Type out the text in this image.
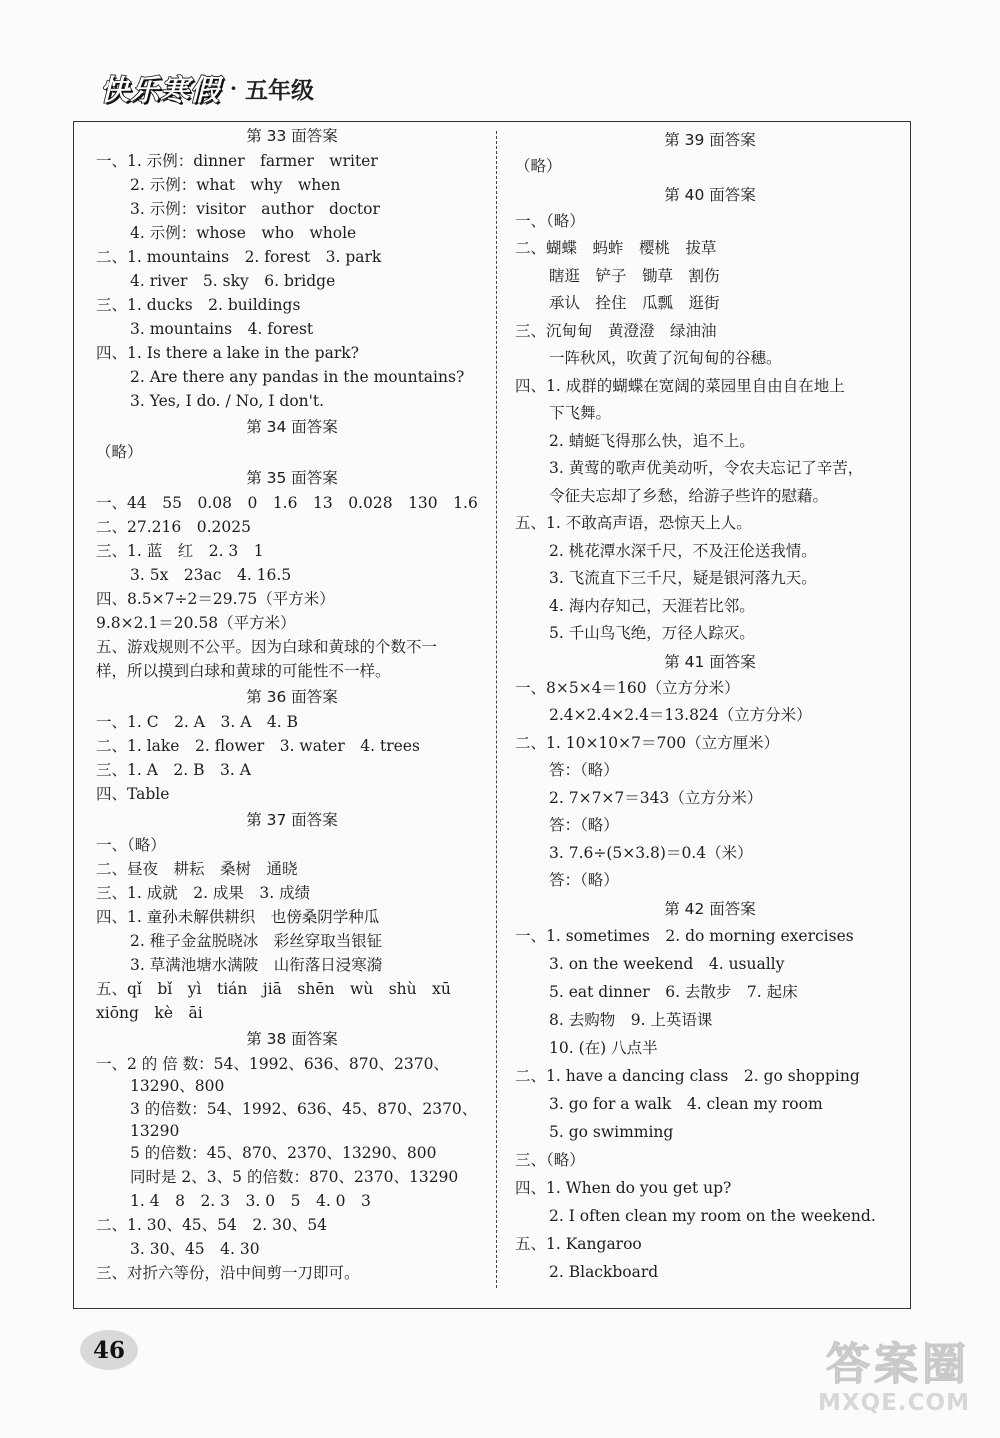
快乐寒假 · 五年级
第 33 面答案
一、1. 示例：dinner　farmer　writer
2. 示例：what　why　when
3. 示例：visitor　author　doctor
4. 示例：whose　who　whole
二、1. mountains　2. forest　3. park
4. river　5. sky　6. bridge
三、1. ducks　2. buildings
3. mountains　4. forest
四、1. Is there a lake in the park?
2. Are there any pandas in the mountains?
3. Yes, I do. / No, I don't.
第 34 面答案
（略）
第 35 面答案
一、44　55　0.08　0　1.6　13　0.028　130　1.6
二、27.216　0.2025
三、1. 蓝　红　2. 3　1
3. 5x　23ac　4. 16.5
四、8.5×7÷2＝29.75（平方米）
9.8×2.1＝20.58（平方米）
五、游戏规则不公平。因为白球和黄球的个数不一
样，所以摸到白球和黄球的可能性不一样。
第 36 面答案
一、1. C　2. A　3. A　4. B
二、1. lake　2. flower　3. water　4. trees
三、1. A　2. B　3. A
四、Table
第 37 面答案
一、（略）
二、昼夜　耕耘　桑树　通晓
三、1. 成就　2. 成果　3. 成绩
四、1. 童孙未解供耕织　也傍桑阴学种瓜
2. 稚子金盆脱晓冰　彩丝穿取当银钲
3. 草满池塘水满陂　山衔落日浸寒漪
五、qǐ　bǐ　yì　tián　jiā　shēn　wù　shù　xū
xiōng　kè　āi
第 38 面答案
一、2 的 倍 数：54、1992、636、870、2370、
13290、800
3 的倍数：54、1992、636、45、870、2370、
13290
5 的倍数：45、870、2370、13290、800
同时是 2、3、5 的倍数：870、2370、13290
1. 4　8　2. 3　3. 0　5　4. 0　3
二、1. 30、45、54　2. 30、54
3. 30、45　4. 30
三、对折六等份，沿中间剪一刀即可。
第 39 面答案
（略）
第 40 面答案
一、（略）
二、蝴蝶　蚂蚱　樱桃　拔草
瞎逛　铲子　锄草　割伤
承认　拴住　瓜瓢　逛街
三、沉甸甸　黄澄澄　绿油油
一阵秋风，吹黄了沉甸甸的谷穗。
四、1. 成群的蝴蝶在宽阔的菜园里自由自在地上
下飞舞。
2. 蜻蜓飞得那么快，追不上。
3. 黄莺的歌声优美动听，令农夫忘记了辛苦，
令征夫忘却了乡愁，给游子些许的慰藉。
五、1. 不敢高声语，恐惊天上人。
2. 桃花潭水深千尺，不及汪伦送我情。
3. 飞流直下三千尺，疑是银河落九天。
4. 海内存知己，天涯若比邻。
5. 千山鸟飞绝，万径人踪灭。
第 41 面答案
一、8×5×4＝160（立方分米）
2.4×2.4×2.4＝13.824（立方分米）
二、1. 10×10×7＝700（立方厘米）
答：（略）
2. 7×7×7＝343（立方分米）
答：（略）
3. 7.6÷(5×3.8)＝0.4（米）
答：（略）
第 42 面答案
一、1. sometimes　2. do morning exercises
3. on the weekend　4. usually
5. eat dinner　6. 去散步　7. 起床
8. 去购物　9. 上英语课
10. (在) 八点半
二、1. have a dancing class　2. go shopping
3. go for a walk　4. clean my room
5. go swimming
三、（略）
四、1. When do you get up?
2. I often clean my room on the weekend.
五、1. Kangaroo
2. Blackboard
46	答案圈
MXQE.COM
